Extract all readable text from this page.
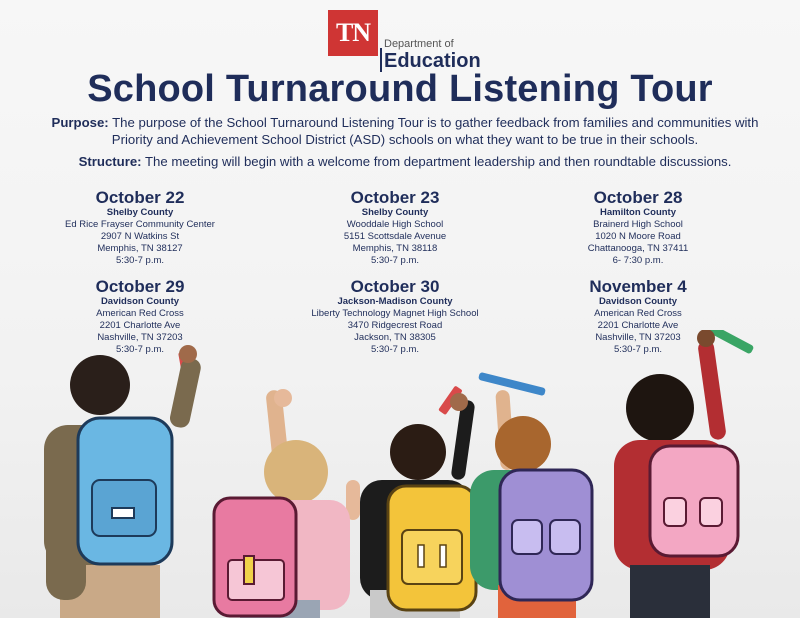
TN	Department of
Education
School Turnaround Listening Tour

Purpose: The purpose of the School Turnaround Listening Tour is to gather feedback from families and communities with Priority and Achievement School District (ASD) schools on what they want to be true in their schools.

Structure: The meeting will begin with a welcome from department leadership and then roundtable discussions.

October 22
Shelby County
Ed Rice Frayser Community Center
2907 N Watkins St
Memphis, TN 38127
5:30-7 p.m.
October 23
Shelby County
Wooddale High School
5151 Scottsdale Avenue
Memphis, TN 38118
5:30-7 p.m.
October 28
Hamilton County
Brainerd High School
1020 N Moore Road
Chattanooga, TN 37411
6- 7:30 p.m.
October 29
Davidson County
American Red Cross
2201 Charlotte Ave
Nashville, TN 37203
5:30-7 p.m.
October 30
Jackson-Madison County
Liberty Technology Magnet High School
3470 Ridgecrest Road
Jackson, TN 38305
5:30-7 p.m.
November 4
Davidson County
American Red Cross
2201 Charlotte Ave
Nashville, TN 37203
5:30-7 p.m.
